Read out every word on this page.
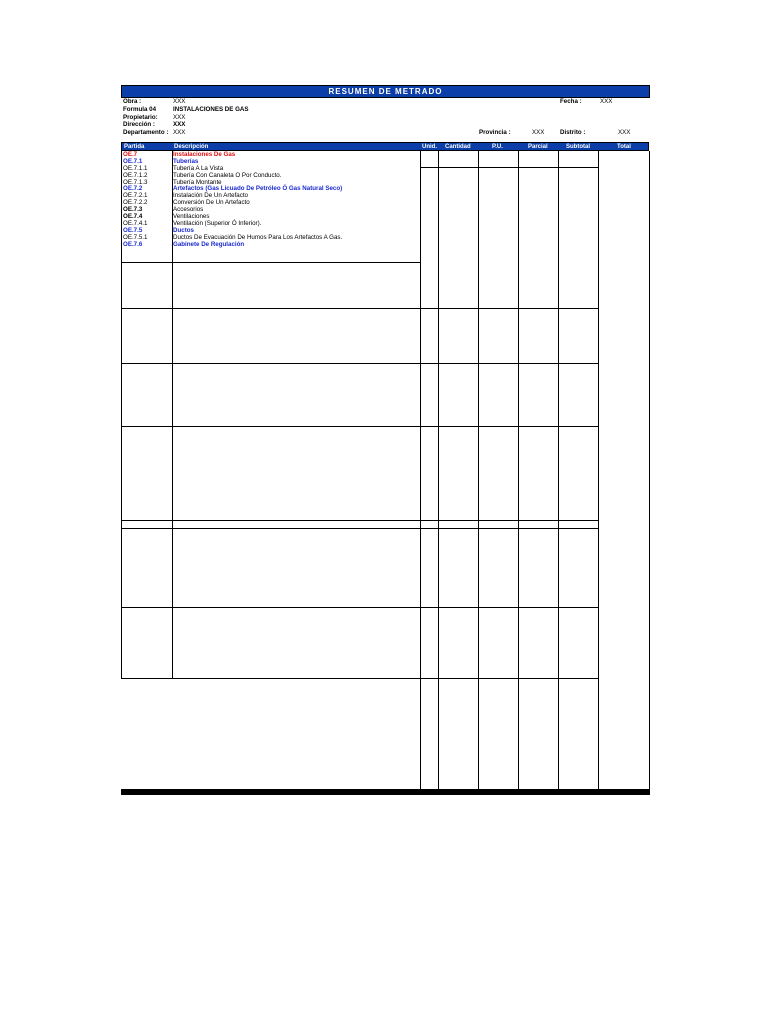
RESUMEN DE METRADO
Obra :	XXX	Fecha :	XXX
Formula 04	INSTALACIONES DE GAS
Propietario: XXX
Dirección :	XXX
Departamento : XXX	Provincia :	XXX	Distrito :	XXX
Partida	Descripción	Unid. Cantidad	P.U.	Parcial	Subtotal	Total
OE.7	Instalaciones De Gas
OE.7.1	Tuberías
OE.7.1.1	Tubería A La Vista
OE.7.1.2	Tubería Con Canaleta O Por Conducto.
OE.7.1.3	Tubería Montante
OE.7.2	Artefactos (Gas Licuado De Petróleo Ó Gas Natural Seco)
OE.7.2.1	Instalación De Un Artefacto
OE.7.2.2	Conversión De Un Artefacto
OE.7.3	Accesorios
OE.7.4	Ventilaciones
OE.7.4.1	Ventilación (Superior Ó Inferior).
OE.7.5	Ductos
OE.7.5.1	Ductos De Evacuación De Humos Para Los Artefactos A Gas.
OE.7.6	Gabinete De Regulación
